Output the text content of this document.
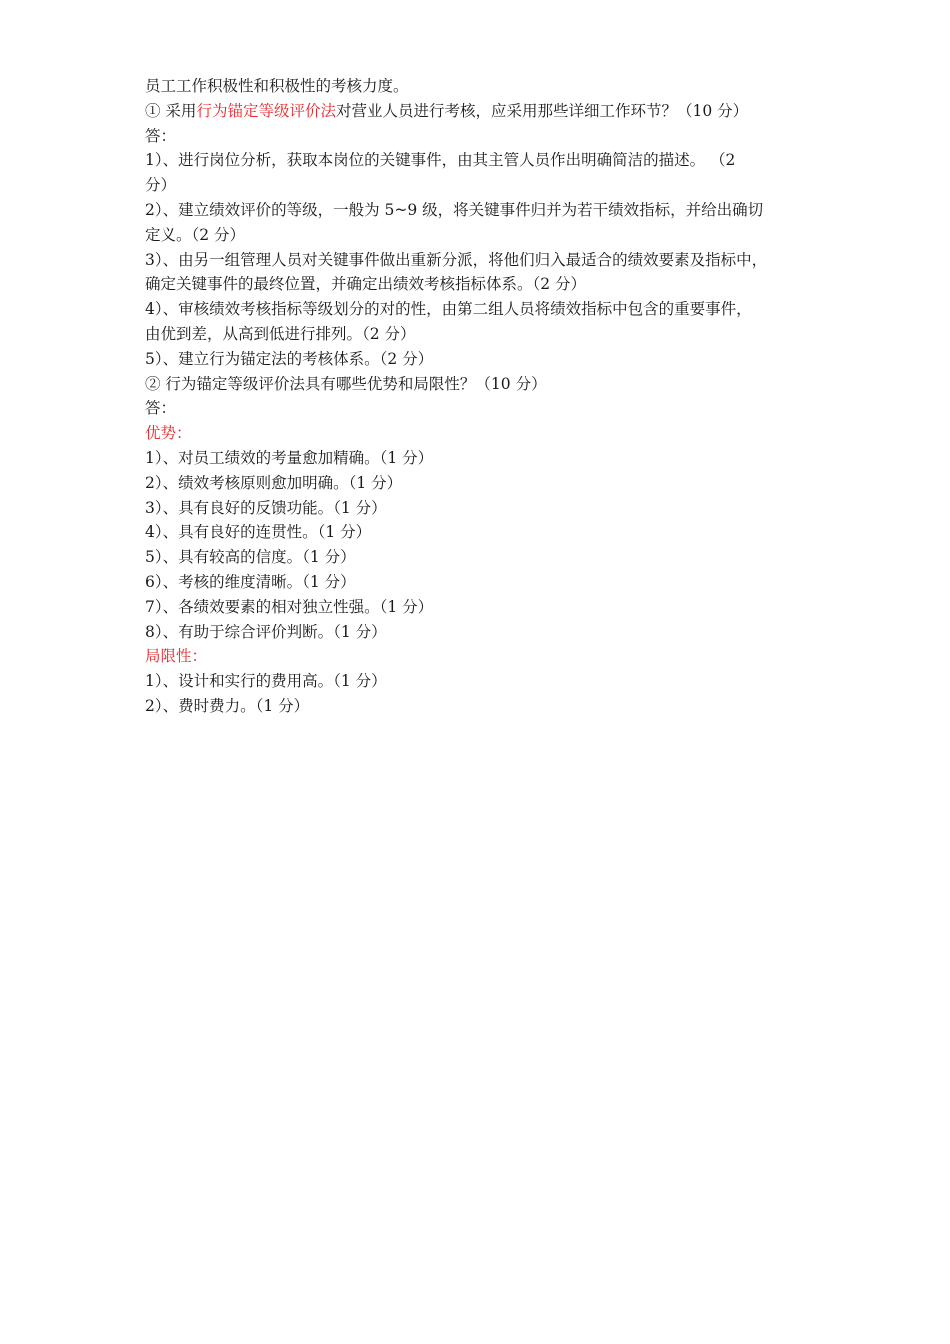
员工工作积极性和积极性的考核力度。
① 采用行为锚定等级评价法对营业人员进行考核，应采用那些详细工作环节？（10 分）
答：
1）、进行岗位分析，获取本岗位的关键事件，由其主管人员作出明确简洁的描述。 （2
分）
2）、建立绩效评价的等级，一般为 5~9 级，将关键事件归并为若干绩效指标，并给出确切
定义。（2 分）
3）、由另一组管理人员对关键事件做出重新分派，将他们归入最适合的绩效要素及指标中，
确定关键事件的最终位置，并确定出绩效考核指标体系。（2 分）
4）、审核绩效考核指标等级划分的对的性，由第二组人员将绩效指标中包含的重要事件，
由优到差，从高到低进行排列。（2 分）
5）、建立行为锚定法的考核体系。（2 分）
② 行为锚定等级评价法具有哪些优势和局限性？（10 分）
答：
优势：
1）、对员工绩效的考量愈加精确。（1 分）
2）、绩效考核原则愈加明确。（1 分）
3）、具有良好的反馈功能。（1 分）
4）、具有良好的连贯性。（1 分）
5）、具有较高的信度。（1 分）
6）、考核的维度清晰。（1 分）
7）、各绩效要素的相对独立性强。（1 分）
8）、有助于综合评价判断。（1 分）
局限性：
1）、设计和实行的费用高。（1 分）
2）、费时费力。（1 分）
